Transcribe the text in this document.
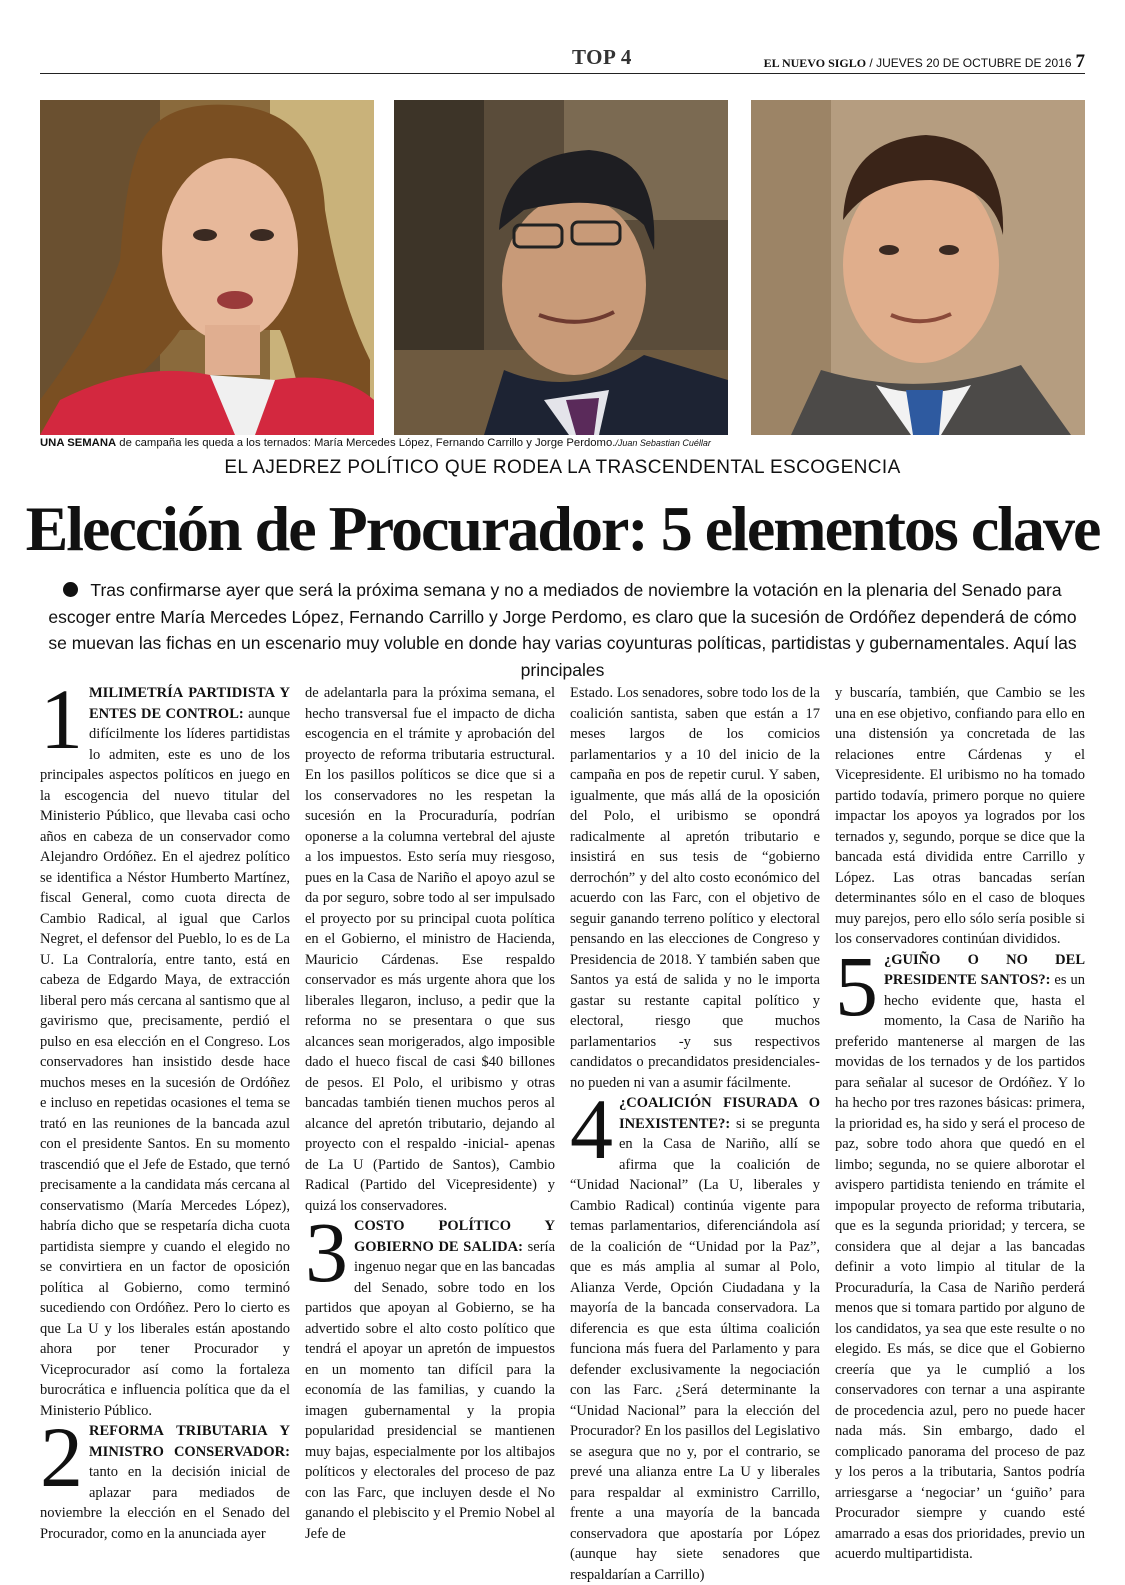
TOP 4	EL NUEVO SIGLO / JUEVES 20 DE OCTUBRE DE 2016 7
UNA SEMANA de campaña les queda a los ternados: María Mercedes López, Fernando Carrillo y Jorge Perdomo./Juan Sebastian Cuéllar
EL AJEDREZ POLÍTICO QUE RODEA LA TRASCENDENTAL ESCOGENCIA
Elección de Procurador: 5 elementos clave
Tras confirmarse ayer que será la próxima semana y no a mediados de noviembre la votación en la plenaria del Senado para escoger entre María Mercedes López, Fernando Carrillo y Jorge Perdomo, es claro que la sucesión de Ordóñez dependerá de cómo se muevan las fichas en un escenario muy voluble en donde hay varias coyunturas políticas, partidistas y gubernamentales. Aquí las principales

1 MILIMETRÍA PARTIDISTA Y ENTES DE CONTROL: aunque difícilmente los líderes partidistas lo admiten, este es uno de los principales aspectos políticos en juego en la escogencia del nuevo titular del Ministerio Público, que llevaba casi ocho años en cabeza de un conservador como Alejandro Ordóñez. En el ajedrez político se identifica a Néstor Humberto Martínez, fiscal General, como cuota directa de Cambio Radical, al igual que Carlos Negret, el defensor del Pueblo, lo es de La U. La Contraloría, entre tanto, está en cabeza de Edgardo Maya, de extracción liberal pero más cercana al santismo que al gavirismo que, precisamente, perdió el pulso en esa elección en el Congreso. Los conservadores han insistido desde hace muchos meses en la sucesión de Ordóñez e incluso en repetidas ocasiones el tema se trató en las reuniones de la bancada azul con el presidente Santos. En su momento trascendió que el Jefe de Estado, que ternó precisamente a la candidata más cercana al conservatismo (María Mercedes López), habría dicho que se respetaría dicha cuota partidista siempre y cuando el elegido no se convirtiera en un factor de oposición política al Gobierno, como terminó sucediendo con Ordóñez. Pero lo cierto es que La U y los liberales están apostando ahora por tener Procurador y Viceprocurador así como la fortaleza burocrática e influencia política que da el Ministerio Público.

2 REFORMA TRIBUTARIA Y MINISTRO CONSERVADOR: tanto en la decisión inicial de aplazar para mediados de noviembre la elección en el Senado del Procurador, como en la anunciada ayer

de adelantarla para la próxima semana, el hecho transversal fue el impacto de dicha escogencia en el trámite y aprobación del proyecto de reforma tributaria estructural. En los pasillos políticos se dice que si a los conservadores no les respetan la sucesión en la Procuraduría, podrían oponerse a la columna vertebral del ajuste a los impuestos. Esto sería muy riesgoso, pues en la Casa de Nariño el apoyo azul se da por seguro, sobre todo al ser impulsado el proyecto por su principal cuota política en el Gobierno, el ministro de Hacienda, Mauricio Cárdenas. Ese respaldo conservador es más urgente ahora que los liberales llegaron, incluso, a pedir que la reforma no se presentara o que sus alcances sean morigerados, algo imposible dado el hueco fiscal de casi $40 billones de pesos. El Polo, el uribismo y otras bancadas también tienen muchos peros al alcance del apretón tributario, dejando al proyecto con el respaldo -inicial- apenas de La U (Partido de Santos), Cambio Radical (Partido del Vicepresidente) y quizá los conservadores.

3 COSTO POLÍTICO Y GOBIERNO DE SALIDA: sería ingenuo negar que en las bancadas del Senado, sobre todo en los partidos que apoyan al Gobierno, se ha advertido sobre el alto costo político que tendrá el apoyar un apretón de impuestos en un momento tan difícil para la economía de las familias, y cuando la imagen gubernamental y la propia popularidad presidencial se mantienen muy bajas, especialmente por los altibajos políticos y electorales del proceso de paz con las Farc, que incluyen desde el No ganando el plebiscito y el Premio Nobel al Jefe de

Estado. Los senadores, sobre todo los de la coalición santista, saben que están a 17 meses largos de los comicios parlamentarios y a 10 del inicio de la campaña en pos de repetir curul. Y saben, igualmente, que más allá de la oposición del Polo, el uribismo se opondrá radicalmente al apretón tributario e insistirá en sus tesis de “gobierno derrochón” y del alto costo económico del acuerdo con las Farc, con el objetivo de seguir ganando terreno político y electoral pensando en las elecciones de Congreso y Presidencia de 2018. Y también saben que Santos ya está de salida y no le importa gastar su restante capital político y electoral, riesgo que muchos parlamentarios -y sus respectivos candidatos o precandidatos presidenciales- no pueden ni van a asumir fácilmente.

4 ¿COALICIÓN FISURADA O INEXISTENTE?: si se pregunta en la Casa de Nariño, allí se afirma que la coalición de “Unidad Nacional” (La U, liberales y Cambio Radical) continúa vigente para temas parlamentarios, diferenciándola así de la coalición de “Unidad por la Paz”, que es más amplia al sumar al Polo, Alianza Verde, Opción Ciudadana y la mayoría de la bancada conservadora. La diferencia es que esta última coalición funciona más fuera del Parlamento y para defender exclusivamente la negociación con las Farc. ¿Será determinante la “Unidad Nacional” para la elección del Procurador? En los pasillos del Legislativo se asegura que no y, por el contrario, se prevé una alianza entre La U y liberales para respaldar al exministro Carrillo, frente a una mayoría de la bancada conservadora que apostaría por López (aunque hay siete senadores que respaldarían a Carrillo)

y buscaría, también, que Cambio se les una en ese objetivo, confiando para ello en una distensión ya concretada de las relaciones entre Cárdenas y el Vicepresidente. El uribismo no ha tomado partido todavía, primero porque no quiere impactar los apoyos ya logrados por los ternados y, segundo, porque se dice que la bancada está dividida entre Carrillo y López. Las otras bancadas serían determinantes sólo en el caso de bloques muy parejos, pero ello sólo sería posible si los conservadores continúan divididos.

5 ¿GUIÑO O NO DEL PRESIDENTE SANTOS?: es un hecho evidente que, hasta el momento, la Casa de Nariño ha preferido mantenerse al margen de las movidas de los ternados y de los partidos para señalar al sucesor de Ordóñez. Y lo ha hecho por tres razones básicas: primera, la prioridad es, ha sido y será el proceso de paz, sobre todo ahora que quedó en el limbo; segunda, no se quiere alborotar el avispero partidista teniendo en trámite el impopular proyecto de reforma tributaria, que es la segunda prioridad; y tercera, se considera que al dejar a las bancadas definir a voto limpio al titular de la Procuraduría, la Casa de Nariño perderá menos que si tomara partido por alguno de los candidatos, ya sea que este resulte o no elegido. Es más, se dice que el Gobierno creería que ya le cumplió a los conservadores con ternar a una aspirante de procedencia azul, pero no puede hacer nada más. Sin embargo, dado el complicado panorama del proceso de paz y los peros a la tributaria, Santos podría arriesgarse a ‘negociar’ un ‘guiño’ para Procurador siempre y cuando esté amarrado a esas dos prioridades, previo un acuerdo multipartidista.
